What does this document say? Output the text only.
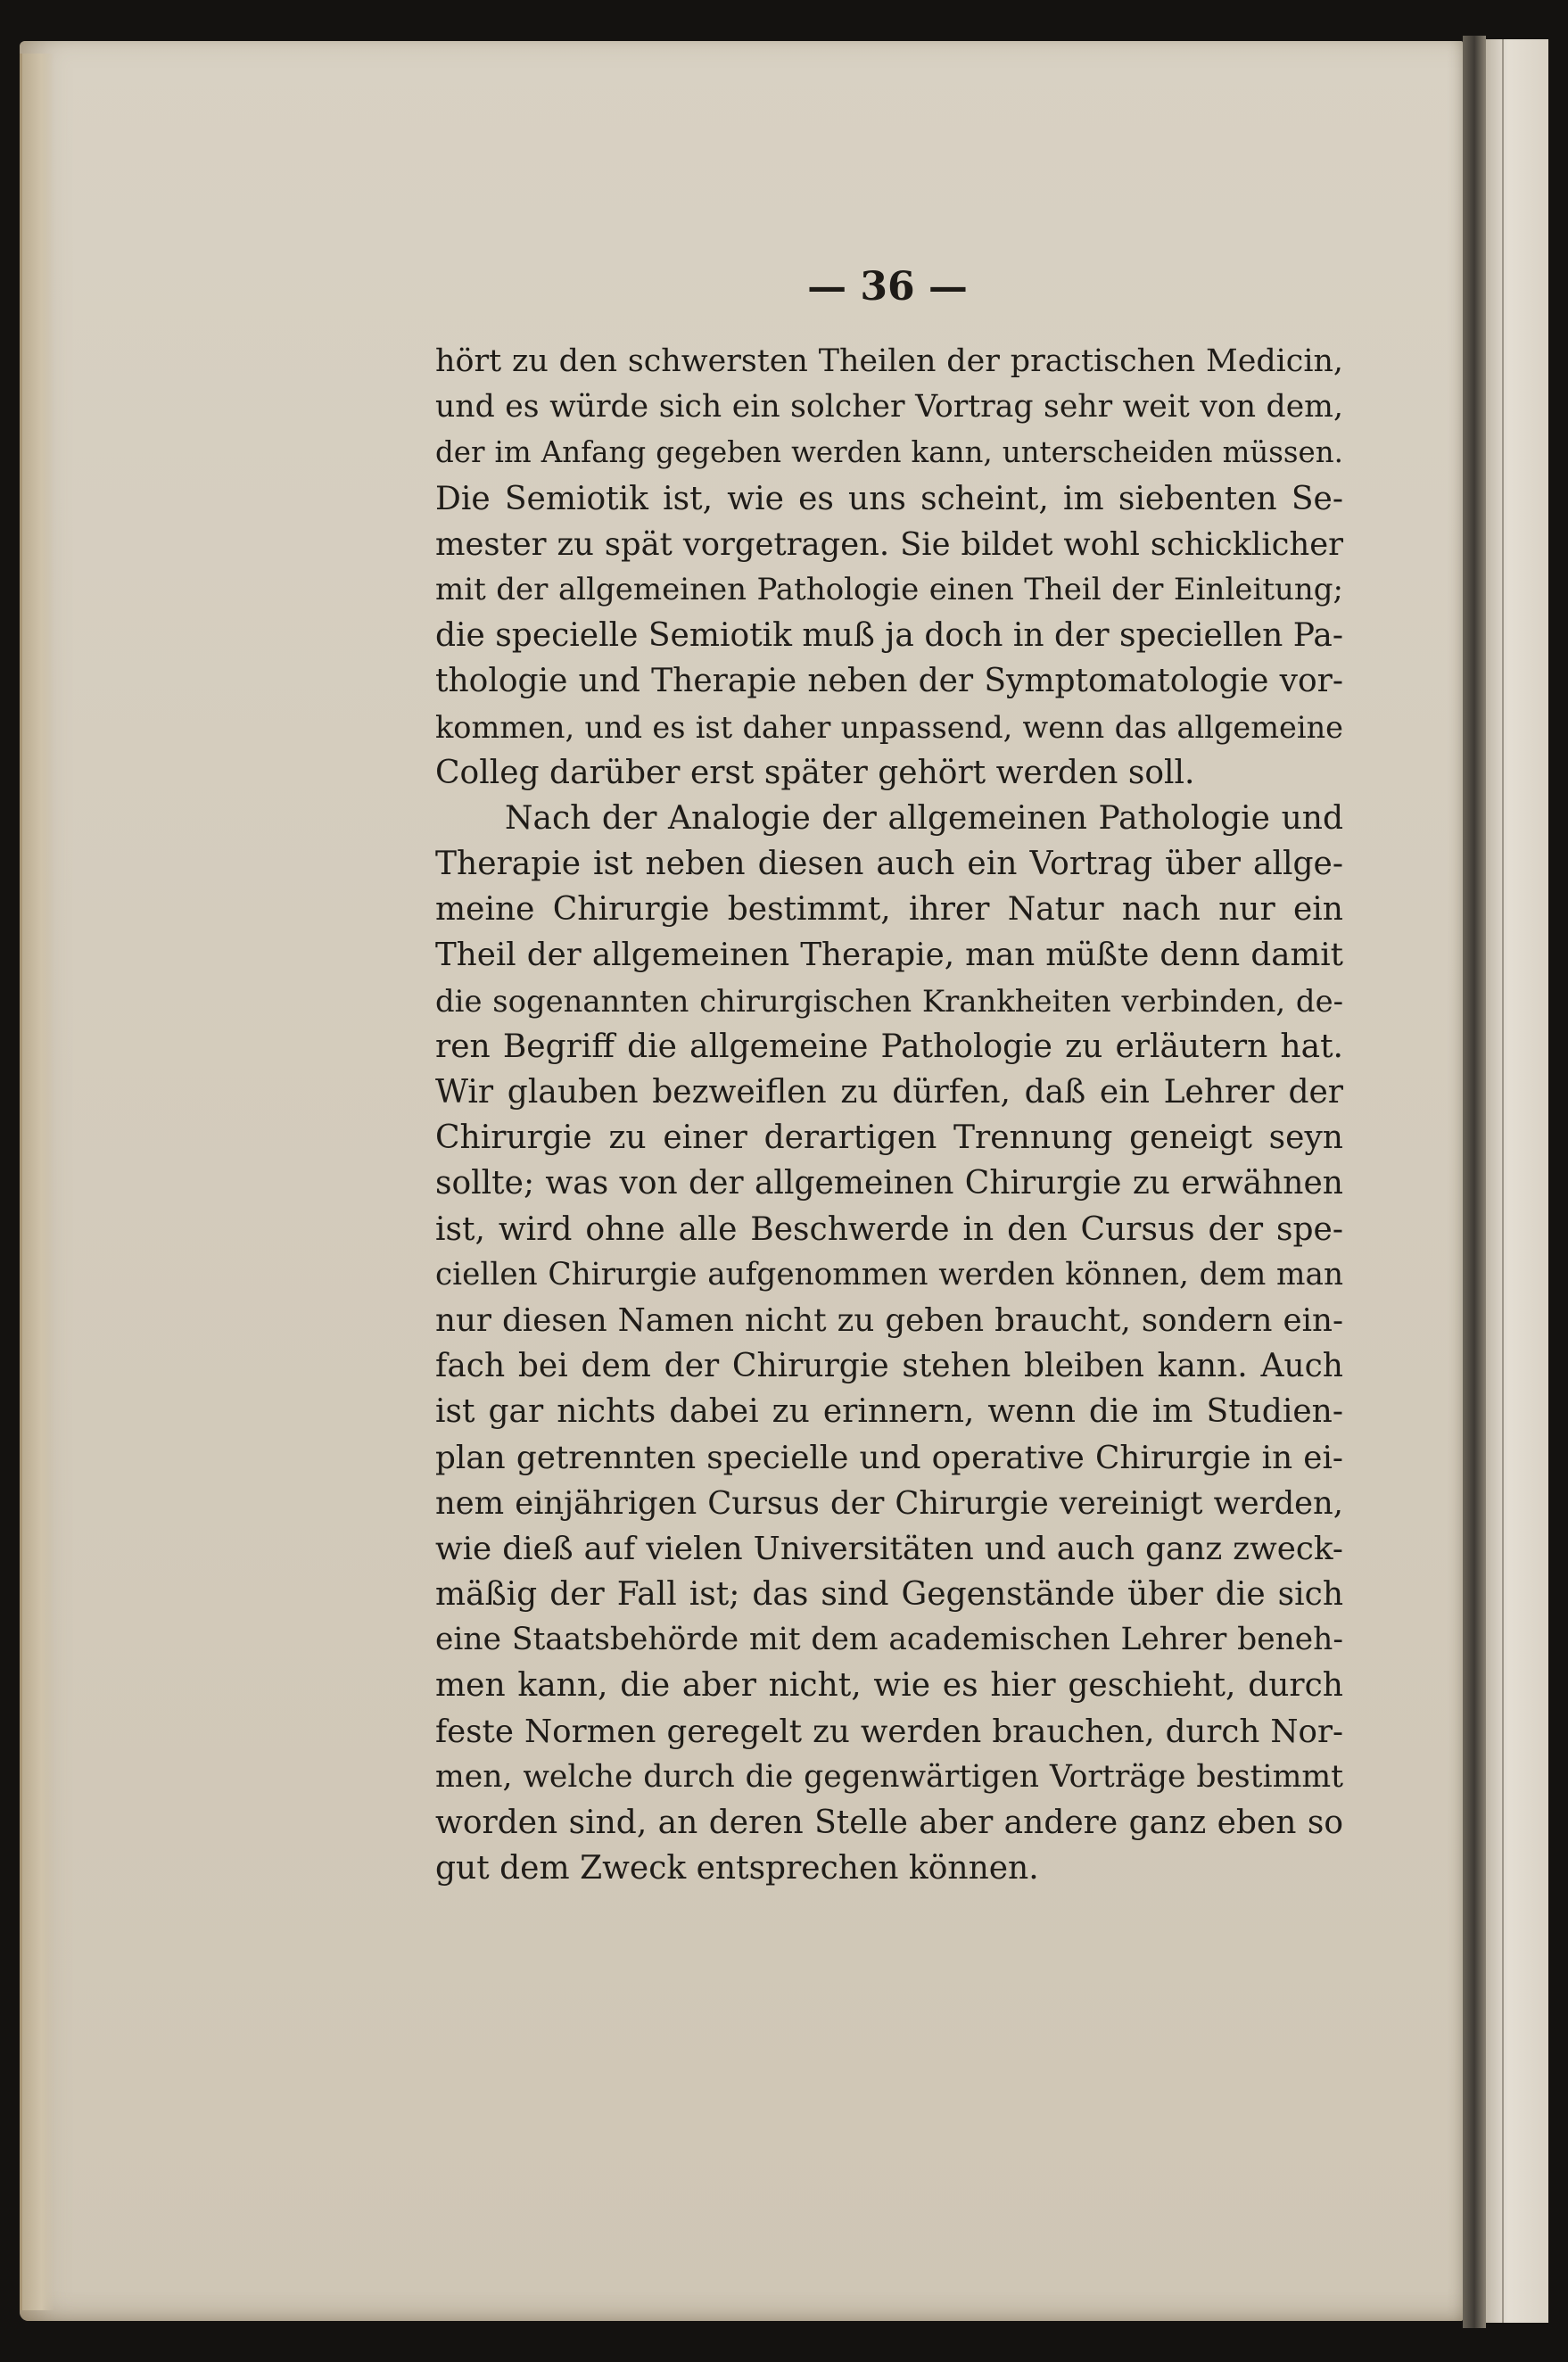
— 36 —
hört zu den schwersten Theilen der practischen Medicin,
und es würde sich ein solcher Vortrag sehr weit von dem,
der im Anfang gegeben werden kann, unterscheiden müssen.
Die Semiotik ist, wie es uns scheint, im siebenten Se-
mester zu spät vorgetragen. Sie bildet wohl schicklicher
mit der allgemeinen Pathologie einen Theil der Einleitung;
die specielle Semiotik muß ja doch in der speciellen Pa-
thologie und Therapie neben der Symptomatologie vor-
kommen, und es ist daher unpassend, wenn das allgemeine
Colleg darüber erst später gehört werden soll.
Nach der Analogie der allgemeinen Pathologie und
Therapie ist neben diesen auch ein Vortrag über allge-
meine Chirurgie bestimmt, ihrer Natur nach nur ein
Theil der allgemeinen Therapie, man müßte denn damit
die sogenannten chirurgischen Krankheiten verbinden, de-
ren Begriff die allgemeine Pathologie zu erläutern hat.
Wir glauben bezweiflen zu dürfen, daß ein Lehrer der
Chirurgie zu einer derartigen Trennung geneigt seyn
sollte; was von der allgemeinen Chirurgie zu erwähnen
ist, wird ohne alle Beschwerde in den Cursus der spe-
ciellen Chirurgie aufgenommen werden können, dem man
nur diesen Namen nicht zu geben braucht, sondern ein-
fach bei dem der Chirurgie stehen bleiben kann. Auch
ist gar nichts dabei zu erinnern, wenn die im Studien-
plan getrennten specielle und operative Chirurgie in ei-
nem einjährigen Cursus der Chirurgie vereinigt werden,
wie dieß auf vielen Universitäten und auch ganz zweck-
mäßig der Fall ist; das sind Gegenstände über die sich
eine Staatsbehörde mit dem academischen Lehrer beneh-
men kann, die aber nicht, wie es hier geschieht, durch
feste Normen geregelt zu werden brauchen, durch Nor-
men, welche durch die gegenwärtigen Vorträge bestimmt
worden sind, an deren Stelle aber andere ganz eben so
gut dem Zweck entsprechen können.
